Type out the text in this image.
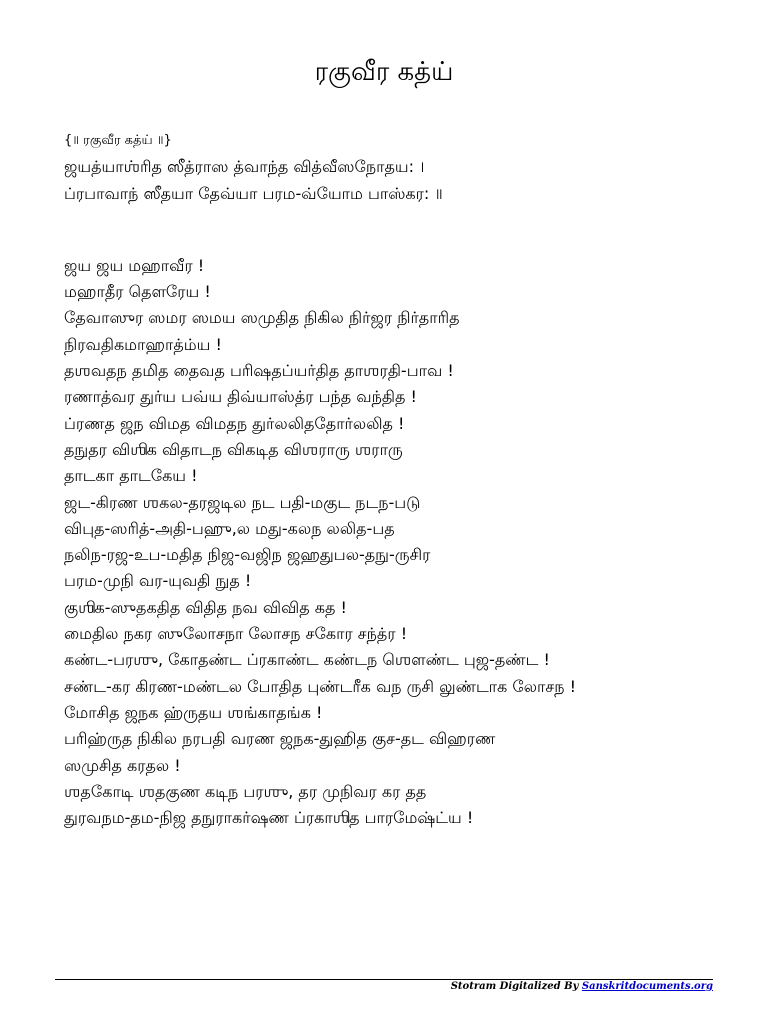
ரகுவீர கத்ய்
{॥ ரகுவீர கத்ய் ॥}
ஜயத்யாஶ்ரித ஸீத்ராஸ த்வாந்த வித்வீஸநோதய꞉ ।
ப்ரபாவாந் ஸீதயா தேவ்யா பரம-வ்யோம பாஸ்கர꞉ ॥
ஜய ஜய மஹாவீர !
மஹாதீர தௌரேய !
தேவாஸுர ஸமர ஸமய ஸமுதித நிகில நிர்ஜர நிர்தாரித
நிரவதிகமாஹாத்ம்ய !
தஶவதந தமித தைவத பரிஷதப்யர்தித தாஶரதி-பாவ !
ரணாத்வர துர்ய பவ்ய திவ்யாஸ்த்ர பந்த வந்தித !
ப்ரணத ஜந விமத விமதந துர்லலிததோர்லலித !
தநுதர விஶிக விதாடந விகடித விஶராரு ஶராரு
தாடகா தாடகேய !
ஜட-கிரண ஶகல-தரஜடில நட பதி-மகுட நடந-படு
விபுத-ஸரித்-அதி-பஹு,ல மது-கலந லலித-பத
நலிந-ரஜ-உப-மதித நிஜ-வஜிந ஜஹதுபல-தநு-ருசிர
பரம-முநி வர-யுவதி நுத !
குஶிக-ஸுதகதித விதித நவ விவித கத !
மைதில நகர ஸுலோசநா லோசந சகோர சந்த்ர !
கண்ட-பரஶு, கோதண்ட ப்ரகாண்ட கண்டந ஶௌண்ட புஜ-தண்ட !
சண்ட-கர கிரண-மண்டல போதித புண்டரீக வந ருசி லுண்டாக லோசந !
மோசித ஜநக ஹ்ருதய ஶங்காதங்க !
பரிஹ்ருத நிகில நரபதி வரண ஜநக-துஹித குச-தட விஹரண
ஸமுசித கரதல !
ஶதகோடி ஶதகுண கடிந பரஶு, தர முநிவர கர தத
துரவநம-தம-நிஜ தநுராகர்ஷண ப்ரகாஶித பாரமேஷ்ட்ய !
Stotram Digitalized By Sanskritdocuments.org
